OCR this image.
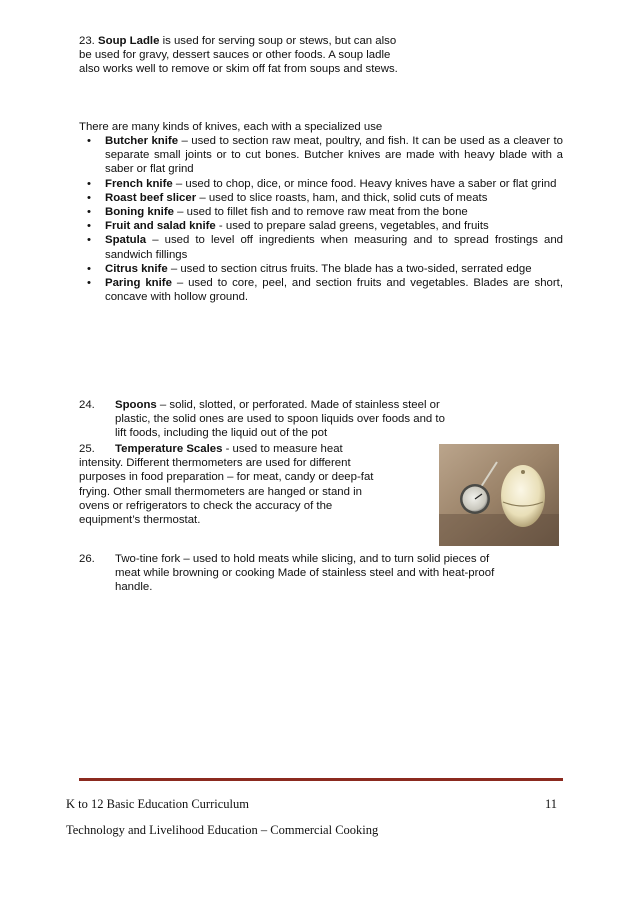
23. Soup Ladle is used for serving soup or stews, but can also be used for gravy, dessert sauces or other foods. A soup ladle also works well to remove or skim off fat from soups and stews.
There are many kinds of knives, each with a specialized use
• Butcher knife – used to section raw meat, poultry, and fish. It can be used as a cleaver to separate small joints or to cut bones. Butcher knives are made with heavy blade with a saber or flat grind
• French knife – used to chop, dice, or mince food. Heavy knives have a saber or flat grind
• Roast beef slicer – used to slice roasts, ham, and thick, solid cuts of meats
• Boning knife – used to fillet fish and to remove raw meat from the bone
• Fruit and salad knife - used to prepare salad greens, vegetables, and fruits
• Spatula – used to level off ingredients when measuring and to spread frostings and sandwich fillings
• Citrus knife – used to section citrus fruits. The blade has a two-sided, serrated edge
• Paring knife – used to core, peel, and section fruits and vegetables. Blades are short, concave with hollow ground.
24. Spoons – solid, slotted, or perforated. Made of stainless steel or plastic, the solid ones are used to spoon liquids over foods and to lift foods, including the liquid out of the pot
25. Temperature Scales - used to measure heat intensity. Different thermometers are used for different purposes in food preparation – for meat, candy or deep-fat frying. Other small thermometers are hanged or stand in ovens or refrigerators to check the accuracy of the equipment’s thermostat.
26. Two-tine fork – used to hold meats while slicing, and to turn solid pieces of meat while browning or cooking Made of stainless steel and with heat-proof handle.
K to 12 Basic Education Curriculum	11
Technology and Livelihood Education – Commercial Cooking
